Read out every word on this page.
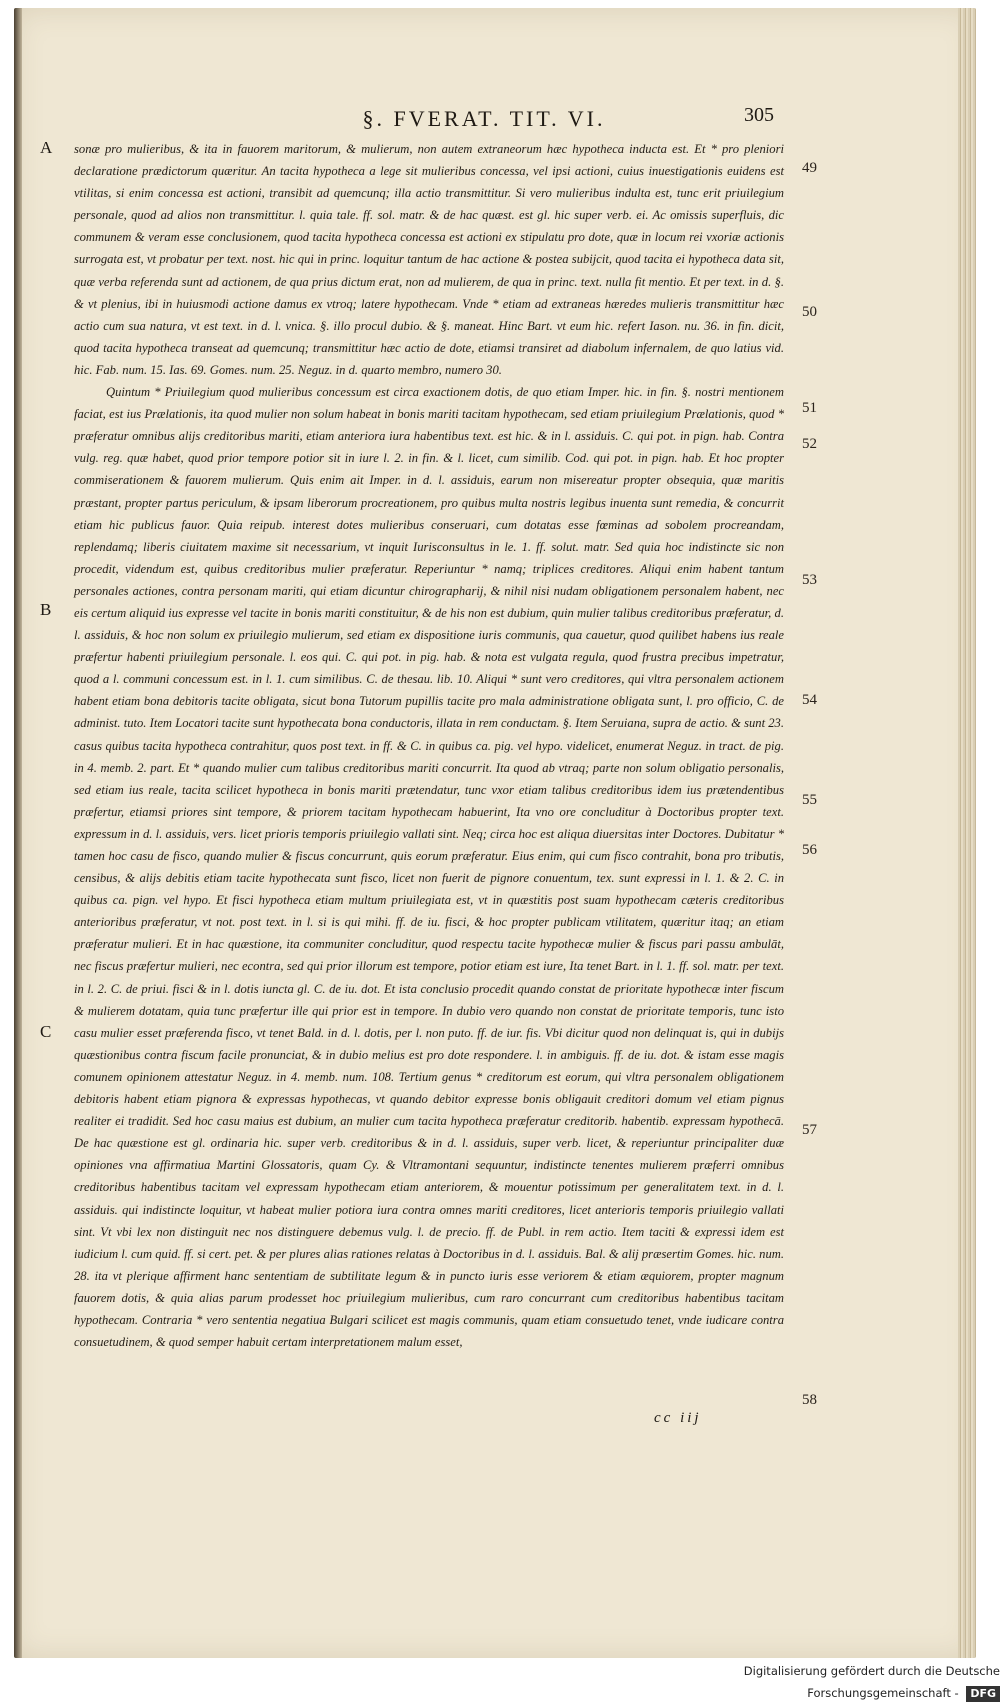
§. FVERAT. TIT. VI.	305
A
B
C
49
50
51
52
53
54
55
56
57
58

sonæ pro mulieribus, & ita in fauorem maritorum, & mulierum, non autem extraneorum hæc hypotheca inducta est. Et * pro pleniori declaratione prædictorum quæritur. An tacita hypotheca a lege sit mulieribus concessa, vel ipsi actioni, cuius inuestigationis euidens est vtilitas, si enim concessa est actioni, transibit ad quemcunq; illa actio transmittitur. Si vero mulieribus indulta est, tunc erit priuilegium personale, quod ad alios non transmittitur. l. quia tale. ff. sol. matr. & de hac quæst. est gl. hic super verb. ei. Ac omissis superfluis, dic communem & veram esse conclusionem, quod tacita hypotheca concessa est actioni ex stipulatu pro dote, quæ in locum rei vxoriæ actionis surrogata est, vt probatur per text. nost. hic qui in princ. loquitur tantum de hac actione & postea subijcit, quod tacita ei hypotheca data sit, quæ verba referenda sunt ad actionem, de qua prius dictum erat, non ad mulierem, de qua in princ. text. nulla fit mentio. Et per text. in d. §. & vt plenius, ibi in huiusmodi actione damus ex vtroq; latere hypothecam. Vnde * etiam ad extraneas hæredes mulieris transmittitur hæc actio cum sua natura, vt est text. in d. l. vnica. §. illo procul dubio. & §. maneat. Hinc Bart. vt eum hic. refert Iason. nu. 36. in fin. dicit, quod tacita hypotheca transeat ad quemcunq; transmittitur hæc actio de dote, etiamsi transiret ad diabolum infernalem, de quo latius vid. hic. Fab. num. 15. Ias. 69. Gomes. num. 25. Neguz. in d. quarto membro, numero 30.

Quintum * Priuilegium quod mulieribus concessum est circa exactionem dotis, de quo etiam Imper. hic. in fin. §. nostri mentionem faciat, est ius Prælationis, ita quod mulier non solum habeat in bonis mariti tacitam hypothecam, sed etiam priuilegium Prælationis, quod * præferatur omnibus alijs creditoribus mariti, etiam anteriora iura habentibus text. est hic. & in l. assiduis. C. qui pot. in pign. hab. Contra vulg. reg. quæ habet, quod prior tempore potior sit in iure l. 2. in fin. & l. licet, cum similib. Cod. qui pot. in pign. hab. Et hoc propter commiserationem & fauorem mulierum. Quis enim ait Imper. in d. l. assiduis, earum non misereatur propter obsequia, quæ maritis præstant, propter partus periculum, & ipsam liberorum procreationem, pro quibus multa nostris legibus inuenta sunt remedia, & concurrit etiam hic publicus fauor. Quia reipub. interest dotes mulieribus conseruari, cum dotatas esse fœminas ad sobolem procreandam, replendamq; liberis ciuitatem maxime sit necessarium, vt inquit Iurisconsultus in le. 1. ff. solut. matr. Sed quia hoc indistincte sic non procedit, videndum est, quibus creditoribus mulier præferatur. Reperiuntur * namq; triplices creditores. Aliqui enim habent tantum personales actiones, contra personam mariti, qui etiam dicuntur chirographarij, & nihil nisi nudam obligationem personalem habent, nec eis certum aliquid ius expresse vel tacite in bonis mariti constituitur, & de his non est dubium, quin mulier talibus creditoribus præferatur, d. l. assiduis, & hoc non solum ex priuilegio mulierum, sed etiam ex dispositione iuris communis, qua cauetur, quod quilibet habens ius reale præfertur habenti priuilegium personale. l. eos qui. C. qui pot. in pig. hab. & nota est vulgata regula, quod frustra precibus impetratur, quod a l. communi concessum est. in l. 1. cum similibus. C. de thesau. lib. 10. Aliqui * sunt vero creditores, qui vltra personalem actionem habent etiam bona debitoris tacite obligata, sicut bona Tutorum pupillis tacite pro mala administratione obligata sunt, l. pro officio, C. de administ. tuto. Item Locatori tacite sunt hypothecata bona conductoris, illata in rem conductam. §. Item Seruiana, supra de actio. & sunt 23. casus quibus tacita hypotheca contrahitur, quos post text. in ff. & C. in quibus ca. pig. vel hypo. videlicet, enumerat Neguz. in tract. de pig. in 4. memb. 2. part. Et * quando mulier cum talibus creditoribus mariti concurrit. Ita quod ab vtraq; parte non solum obligatio personalis, sed etiam ius reale, tacita scilicet hypotheca in bonis mariti prætendatur, tunc vxor etiam talibus creditoribus idem ius prætendentibus præfertur, etiamsi priores sint tempore, & priorem tacitam hypothecam habuerint, Ita vno ore concluditur à Doctoribus propter text. expressum in d. l. assiduis, vers. licet prioris temporis priuilegio vallati sint. Neq; circa hoc est aliqua diuersitas inter Doctores. Dubitatur * tamen hoc casu de fisco, quando mulier & fiscus concurrunt, quis eorum præferatur. Eius enim, qui cum fisco contrahit, bona pro tributis, censibus, & alijs debitis etiam tacite hypothecata sunt fisco, licet non fuerit de pignore conuentum, tex. sunt expressi in l. 1. & 2. C. in quibus ca. pign. vel hypo. Et fisci hypotheca etiam multum priuilegiata est, vt in quæstitis post suam hypothecam cæteris creditoribus anterioribus præferatur, vt not. post text. in l. si is qui mihi. ff. de iu. fisci, & hoc propter publicam vtilitatem, quæritur itaq; an etiam præferatur mulieri. Et in hac quæstione, ita communiter concluditur, quod respectu tacite hypothecæ mulier & fiscus pari passu ambulāt, nec fiscus præfertur mulieri, nec econtra, sed qui prior illorum est tempore, potior etiam est iure, Ita tenet Bart. in l. 1. ff. sol. matr. per text. in l. 2. C. de priui. fisci & in l. dotis iuncta gl. C. de iu. dot. Et ista conclusio procedit quando constat de prioritate hypothecæ inter fiscum & mulierem dotatam, quia tunc præfertur ille qui prior est in tempore. In dubio vero quando non constat de prioritate temporis, tunc isto casu mulier esset præferenda fisco, vt tenet Bald. in d. l. dotis, per l. non puto. ff. de iur. fis. Vbi dicitur quod non delinquat is, qui in dubijs quæstionibus contra fiscum facile pronunciat, & in dubio melius est pro dote respondere. l. in ambiguis. ff. de iu. dot. & istam esse magis comunem opinionem attestatur Neguz. in 4. memb. num. 108. Tertium genus * creditorum est eorum, qui vltra personalem obligationem debitoris habent etiam pignora & expressas hypothecas, vt quando debitor expresse bonis obligauit creditori domum vel etiam pignus realiter ei tradidit. Sed hoc casu maius est dubium, an mulier cum tacita hypotheca præferatur creditorib. habentib. expressam hypothecā. De hac quæstione est gl. ordinaria hic. super verb. creditoribus & in d. l. assiduis, super verb. licet, & reperiuntur principaliter duæ opiniones vna affirmatiua Martini Glossatoris, quam Cy. & Vltramontani sequuntur, indistincte tenentes mulierem præferri omnibus creditoribus habentibus tacitam vel expressam hypothecam etiam anteriorem, & mouentur potissimum per generalitatem text. in d. l. assiduis. qui indistincte loquitur, vt habeat mulier potiora iura contra omnes mariti creditores, licet anterioris temporis priuilegio vallati sint. Vt vbi lex non distinguit nec nos distinguere debemus vulg. l. de precio. ff. de Publ. in rem actio. Item taciti & expressi idem est iudicium l. cum quid. ff. si cert. pet. & per plures alias rationes relatas à Doctoribus in d. l. assiduis. Bal. & alij præsertim Gomes. hic. num. 28. ita vt plerique affirment hanc sententiam de subtilitate legum & in puncto iuris esse veriorem & etiam æquiorem, propter magnum fauorem dotis, & quia alias parum prodesset hoc priuilegium mulieribus, cum raro concurrant cum creditoribus habentibus tacitam hypothecam. Contraria * vero sententia negatiua Bulgari scilicet est magis communis, quam etiam consuetudo tenet, vnde iudicare contra consuetudinem, & quod semper habuit certam interpretationem malum esset,

cc iij
Digitalisierung gefördert durch die Deutsche Forschungsgemeinschaft - DFG
